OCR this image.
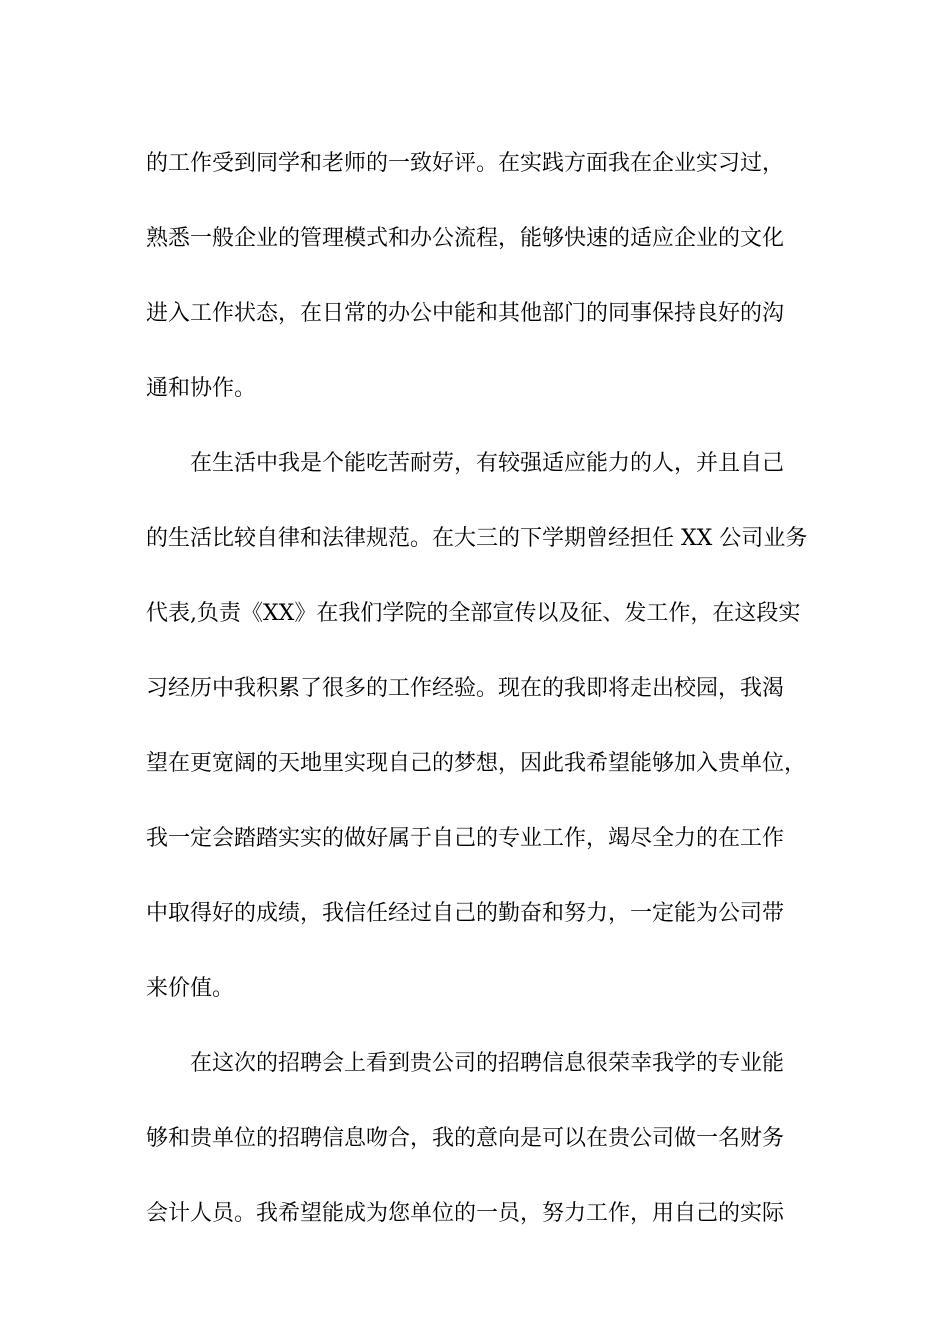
的工作受到同学和老师的一致好评。在实践方面我在企业实习过，
熟悉一般企业的管理模式和办公流程，能够快速的适应企业的文化
进入工作状态，在日常的办公中能和其他部门的同事保持良好的沟
通和协作。
在生活中我是个能吃苦耐劳，有较强适应能力的人，并且自己
的生活比较自律和法律规范。在大三的下学期曾经担任 XX 公司业务
代表,负责《XX》在我们学院的全部宣传以及征、发工作，在这段实
习经历中我积累了很多的工作经验。现在的我即将走出校园，我渴
望在更宽阔的天地里实现自己的梦想，因此我希望能够加入贵单位，
我一定会踏踏实实的做好属于自己的专业工作，竭尽全力的在工作
中取得好的成绩，我信任经过自己的勤奋和努力，一定能为公司带
来价值。
在这次的招聘会上看到贵公司的招聘信息很荣幸我学的专业能
够和贵单位的招聘信息吻合，我的意向是可以在贵公司做一名财务
会计人员。我希望能成为您单位的一员，努力工作，用自己的实际
